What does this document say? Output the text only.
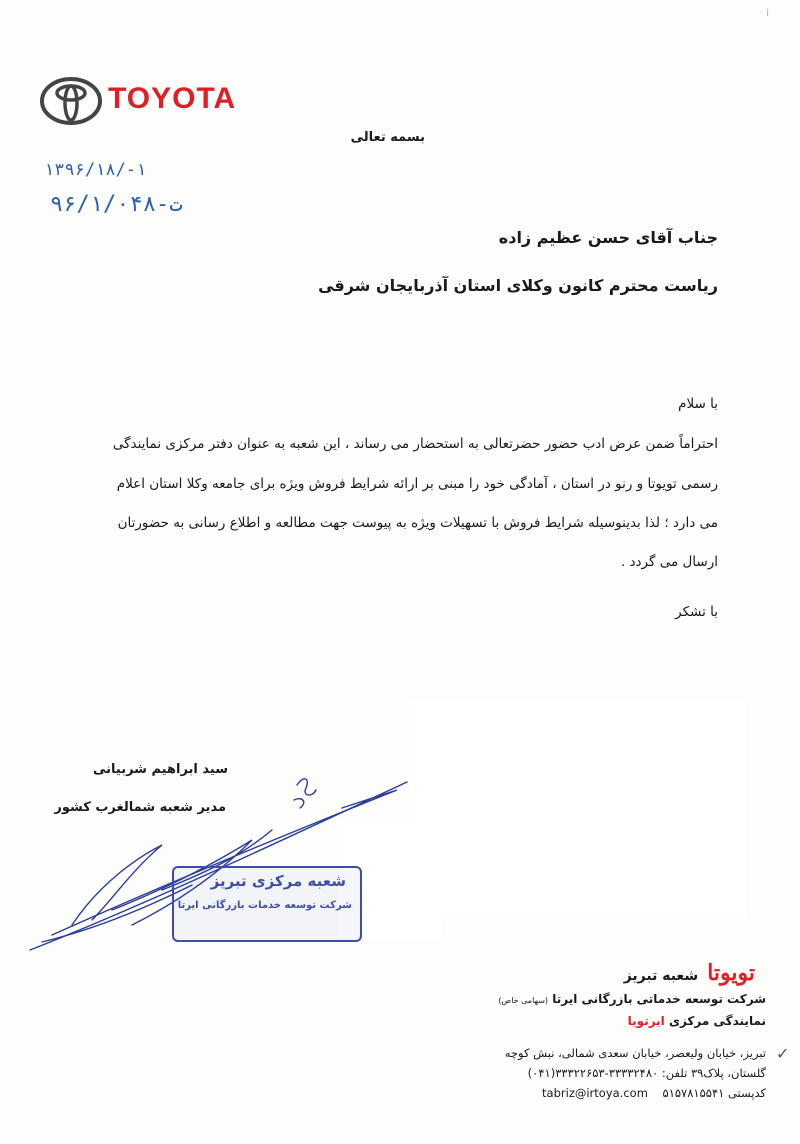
TOYOTA
بسمه تعالی
۱۳۹۶/۱۸/-۱
۹۶/ت-۱/۰۴۸
جناب آقای حسن عظیم زاده
ریاست محترم کانون وکلای استان آذربایجان شرقی
با سلام
احتراماً ضمن عرض ادب حضور حضرتعالی به استحضار می رساند ، این شعبه به عنوان دفتر مرکزی نمایندگی
رسمی تویوتا و رنو در استان ، آمادگی خود را مبنی بر ارائه شرایط فروش ویژه برای جامعه وکلا استان اعلام
می دارد ؛ لذا بدینوسیله شرایط فروش با تسهیلات ویژه به پیوست جهت مطالعه و اطلاع رسانی به حضورتان
ارسال می گردد .
با تشکر
سید ابراهیم شربیانی
مدیر شعبه شمالغرب کشور
شعبه مرکزی تبریز
شرکت توسعه خدمات بازرگانی ایرتا
تویوتا شعبه تبریز
شرکت توسعه خدماتی بازرگانی ایرتا (سهامی خاص)
نمایندگی مرکزی ایرتویا
✓
تبریز، خیابان ولیعصر، خیابان سعدی شمالی، نبش کوچه
گلستان، پلاک۳۹ تلفن: ۳۳۳۳۲۴۸۰-۳۳۳۲۲۶۵۳(۰۴۱)
کدپستی ۵۱۵۷۸۱۵۵۴۱    tabriz@irtoya.com
⁞
